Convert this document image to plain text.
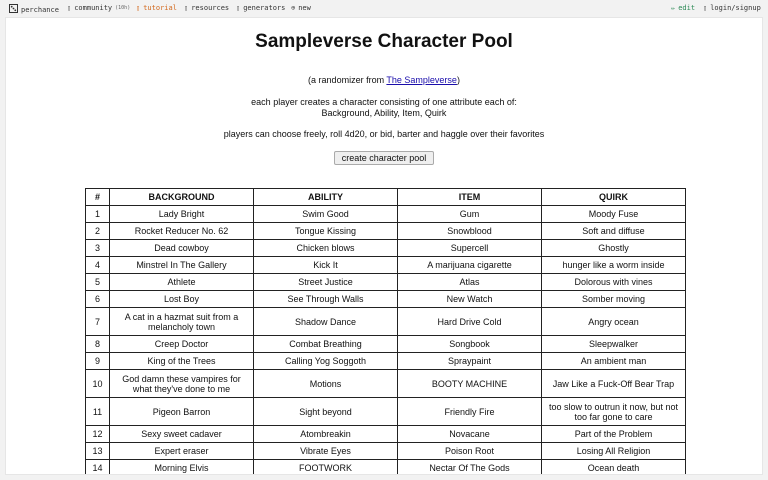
perchance ▯ community (10h) ▯ tutorial ▯ resources ▯ generators ⊕ new	✏ edit ▯ login/signup
Sampleverse Character Pool
(a randomizer from The Sampleverse)
each player creates a character consisting of one attribute each of:
Background, Ability, Item, Quirk
players can choose freely, roll 4d20, or bid, barter and haggle over their favorites
create character pool
#	BACKGROUND	ABILITY	ITEM	QUIRK
1	Lady Bright	Swim Good	Gum	Moody Fuse
2	Rocket Reducer No. 62	Tongue Kissing	Snowblood	Soft and diffuse
3	Dead cowboy	Chicken blows	Supercell	Ghostly
4	Minstrel In The Gallery	Kick It	A marijuana cigarette	hunger like a worm inside
5	Athlete	Street Justice	Atlas	Dolorous with vines
6	Lost Boy	See Through Walls	New Watch	Somber moving
7	A cat in a hazmat suit from a melancholy town	Shadow Dance	Hard Drive Cold	Angry ocean
8	Creep Doctor	Combat Breathing	Songbook	Sleepwalker
9	King of the Trees	Calling Yog Soggoth	Spraypaint	An ambient man
10	God damn these vampires for what they've done to me	Motions	BOOTY MACHINE	Jaw Like a Fuck-Off Bear Trap
11	Pigeon Barron	Sight beyond	Friendly Fire	too slow to outrun it now, but not too far gone to care
12	Sexy sweet cadaver	Atombreakin	Novacane	Part of the Problem
13	Expert eraser	Vibrate Eyes	Poison Root	Losing All Religion
14	Morning Elvis	FOOTWORK	Nectar Of The Gods	Ocean death
